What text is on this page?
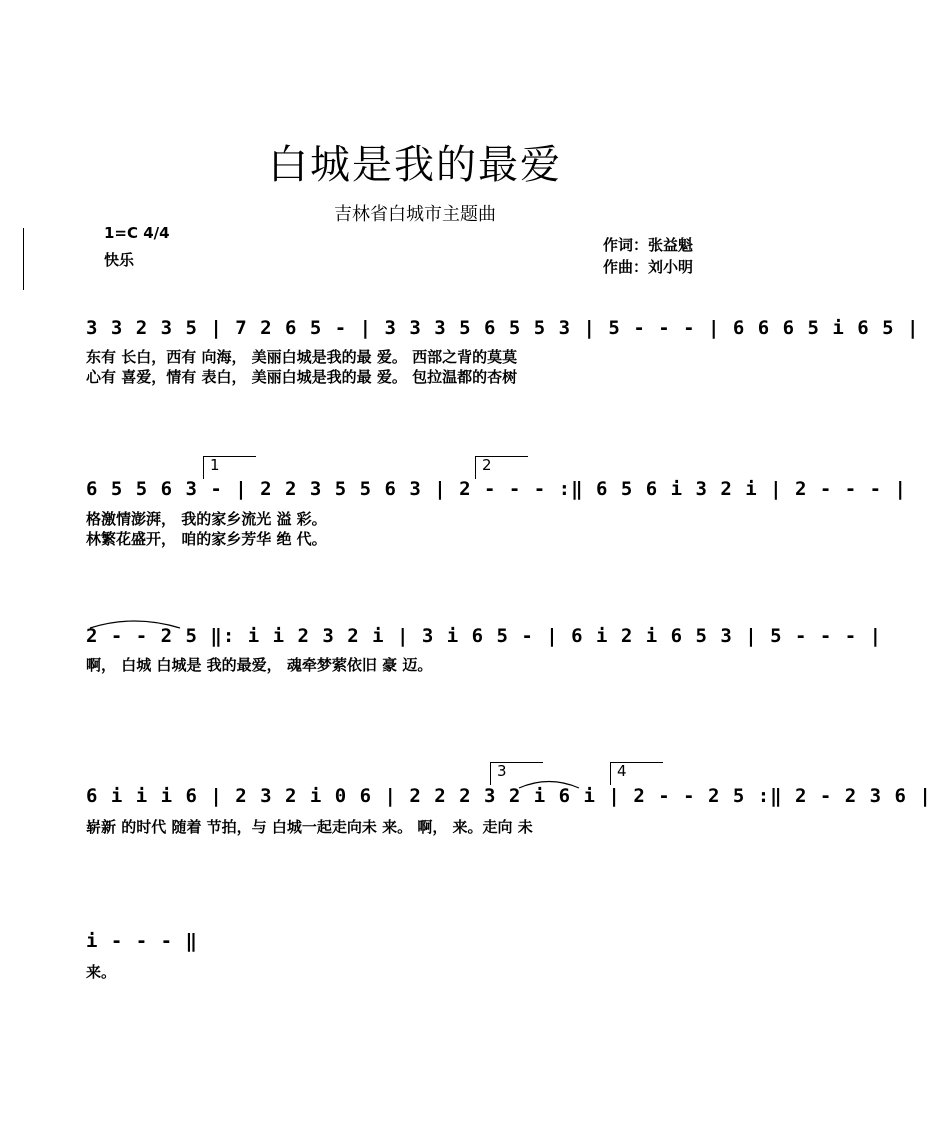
白城是我的最爱
吉林省白城市主题曲
1=C 4/4
快乐
作词：张益魁
作曲：刘小明
3 3 2 3 5 | 7 2 6 5 - | 3 3 3 5 6 5 5 3 | 5 - - - | 6 6 6 5 i 6 5 |
东有 长白，西有 向海， 美丽白城是我的最 爱。 西部之背的莫莫
心有 喜爱，情有 表白， 美丽白城是我的最 爱。 包拉温都的杏树
1	2
6 5 5 6 3 - | 2 2 3 5 5 6 3 | 2 - - - :‖ 6 5 6 i 3 2 i | 2 - - - |
格激情澎湃， 我的家乡流光 溢 彩。
林繁花盛开， 咱的家乡芳华 绝 代。
2 - - 2 5 ‖: i i 2 3 2 i | 3 i 6 5 - | 6 i 2 i 6 5 3 | 5 - - - |
啊， 白城 白城是 我的最爱， 魂牵梦萦依旧 豪 迈。
3	4
6 i i i 6 | 2 3 2 i 0 6 | 2 2 2 3 2 i 6 i | 2 - - 2 5 :‖ 2 - 2 3 6 |
崭新 的时代 随着 节拍，与 白城一起走向未 来。 啊， 来。走向 未
i - - - ‖
来。
